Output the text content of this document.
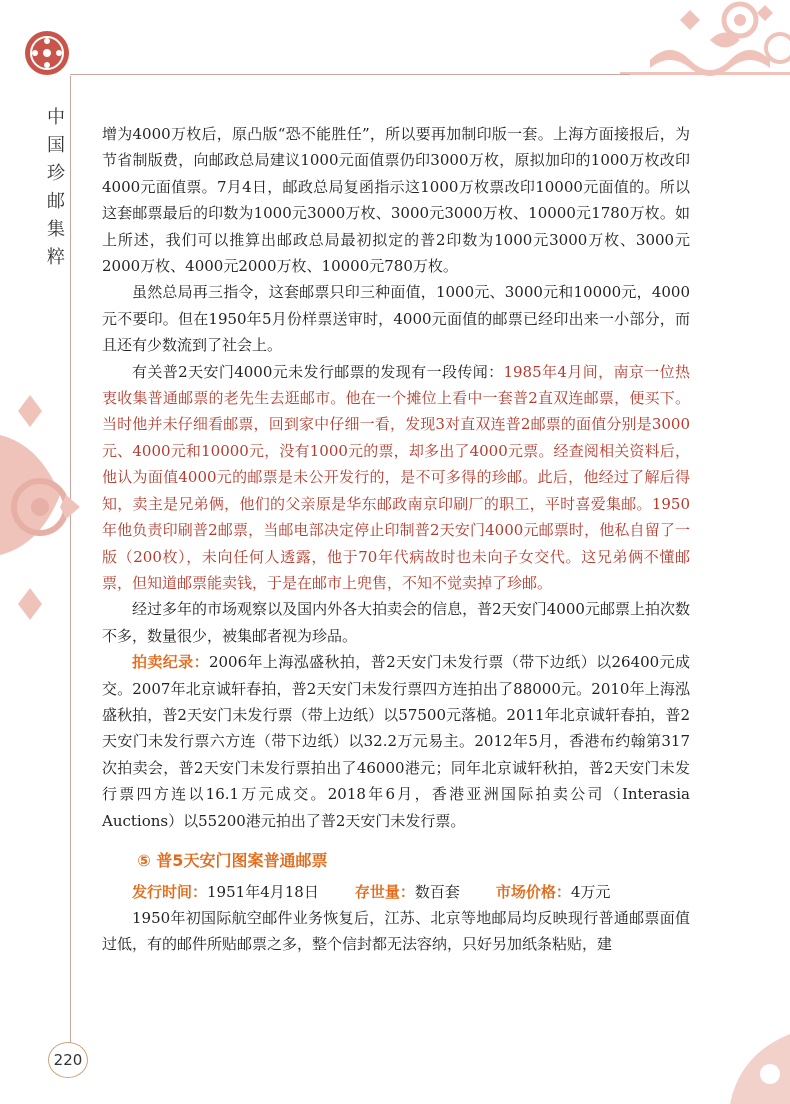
中国珍邮集粹

增为4000万枚后，原凸版“恐不能胜任”，所以要再加制印版一套。上海方面接报后，为节省制版费，向邮政总局建议1000元面值票仍印3000万枚，原拟加印的1000万枚改印4000元面值票。7月4日，邮政总局复函指示这1000万枚票改印10000元面值的。所以这套邮票最后的印数为1000元3000万枚、3000元3000万枚、10000元1780万枚。如上所述，我们可以推算出邮政总局最初拟定的普2印数为1000元3000万枚、3000元2000万枚、4000元2000万枚、10000元780万枚。

虽然总局再三指令，这套邮票只印三种面值，1000元、3000元和10000元，4000元不要印。但在1950年5月份样票送审时，4000元面值的邮票已经印出来一小部分，而且还有少数流到了社会上。

有关普2天安门4000元未发行邮票的发现有一段传闻：1985年4月间，南京一位热衷收集普通邮票的老先生去逛邮市。他在一个摊位上看中一套普2直双连邮票，便买下。当时他并未仔细看邮票，回到家中仔细一看，发现3对直双连普2邮票的面值分别是3000元、4000元和10000元，没有1000元的票，却多出了4000元票。经查阅相关资料后，他认为面值4000元的邮票是未公开发行的，是不可多得的珍邮。此后，他经过了解后得知，卖主是兄弟俩，他们的父亲原是华东邮政南京印刷厂的职工，平时喜爱集邮。1950年他负责印刷普2邮票，当邮电部决定停止印制普2天安门4000元邮票时，他私自留了一版（200枚），未向任何人透露，他于70年代病故时也未向子女交代。这兄弟俩不懂邮票，但知道邮票能卖钱，于是在邮市上兜售，不知不觉卖掉了珍邮。

经过多年的市场观察以及国内外各大拍卖会的信息，普2天安门4000元邮票上拍次数不多，数量很少，被集邮者视为珍品。

拍卖纪录：2006年上海泓盛秋拍，普2天安门未发行票（带下边纸）以26400元成交。2007年北京诚轩春拍，普2天安门未发行票四方连拍出了88000元。2010年上海泓盛秋拍，普2天安门未发行票（带上边纸）以57500元落槌。2011年北京诚轩春拍，普2天安门未发行票六方连（带下边纸）以32.2万元易主。2012年5月，香港布约翰第317次拍卖会，普2天安门未发行票拍出了46000港元；同年北京诚轩秋拍，普2天安门未发行票四方连以16.1万元成交。2018年6月，香港亚洲国际拍卖公司（Interasia Auctions）以55200港元拍出了普2天安门未发行票。

⑤ 普5天安门图案普通邮票
发行时间：1951年4月18日 存世量：数百套 市场价格：4万元

1950年初国际航空邮件业务恢复后，江苏、北京等地邮局均反映现行普通邮票面值过低，有的邮件所贴邮票之多，整个信封都无法容纳，只好另加纸条粘贴，建

220
